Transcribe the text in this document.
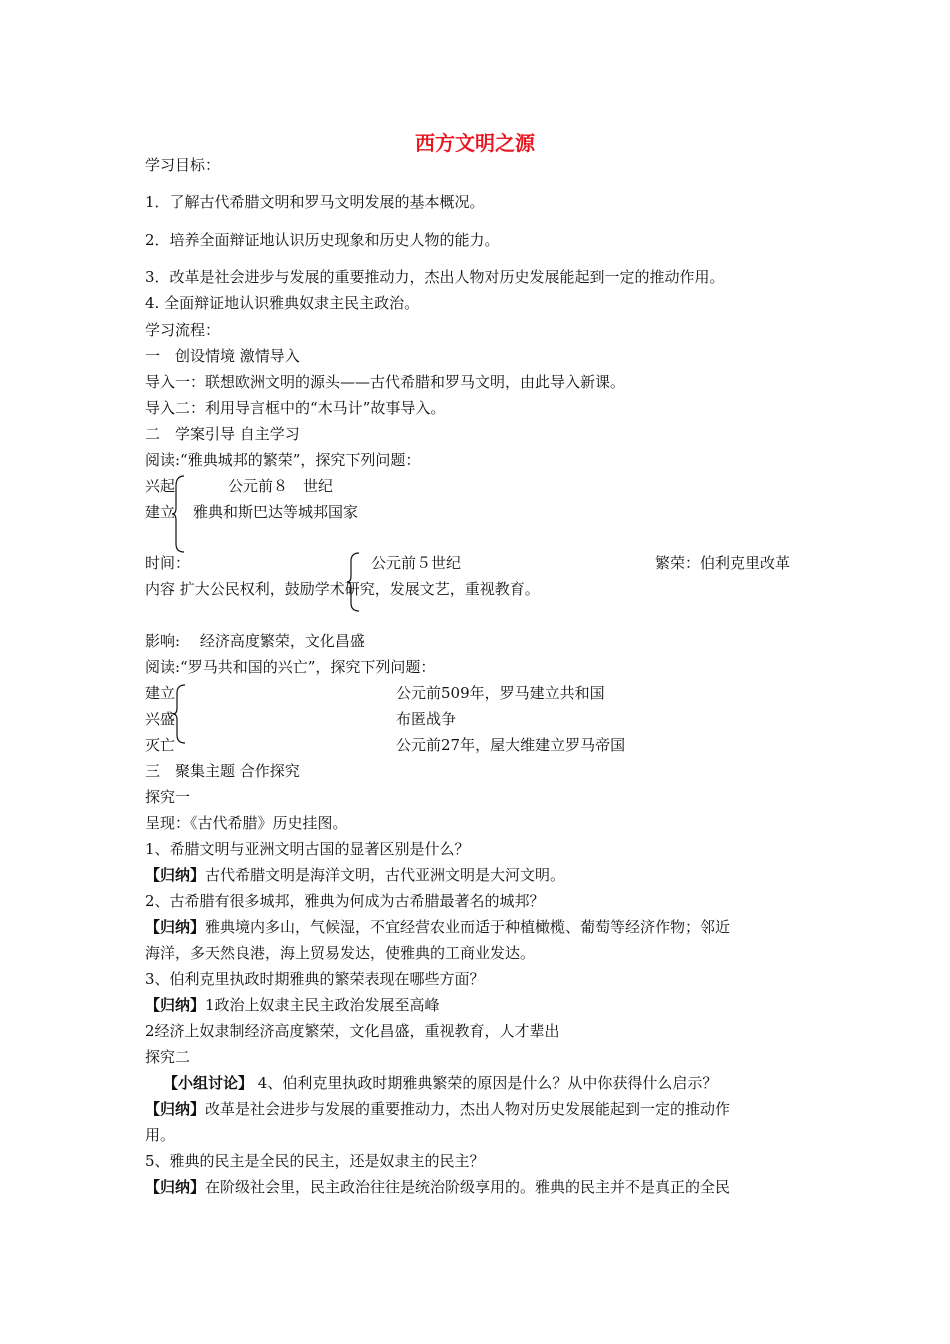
西方文明之源
学习目标：
1．了解古代希腊文明和罗马文明发展的基本概况。
2．培养全面辩证地认识历史现象和历史人物的能力。
3．改革是社会进步与发展的重要推动力，杰出人物对历史发展能起到一定的推动作用。
4. 全面辩证地认识雅典奴隶主民主政治。
学习流程：
一　创设情境 激情导入
导入一：联想欧洲文明的源头——古代希腊和罗马文明，由此导入新课。
导入二：利用导言框中的“木马计”故事导入。
二　学案引导 自主学习
阅读:“雅典城邦的繁荣”，探究下列问题：
兴起	公元前８　世纪
建立 雅典和斯巴达等城邦国家
时间：	公元前５世纪	繁荣：伯利克里改革
内容 扩大公民权利，鼓励学术研究，发展文艺，重视教育。
影响:　 经济高度繁荣，文化昌盛
阅读:“罗马共和国的兴亡”，探究下列问题：
建立	公元前509年，罗马建立共和国
兴盛	布匿战争
灭亡	公元前27年，屋大维建立罗马帝国
三　聚集主题 合作探究
探究一
呈现：《古代希腊》历史挂图。
1、希腊文明与亚洲文明古国的显著区别是什么？
【归纳】古代希腊文明是海洋文明，古代亚洲文明是大河文明。
2、古希腊有很多城邦，雅典为何成为古希腊最著名的城邦？
【归纳】雅典境内多山，气候湿，不宜经营农业而适于种植橄榄、葡萄等经济作物；邻近
海洋，多天然良港，海上贸易发达，使雅典的工商业发达。
3、伯利克里执政时期雅典的繁荣表现在哪些方面？
【归纳】1政治上奴隶主民主政治发展至高峰
2经济上奴隶制经济高度繁荣，文化昌盛，重视教育，人才辈出
探究二
【小组讨论】 4、伯利克里执政时期雅典繁荣的原因是什么？从中你获得什么启示？
【归纳】改革是社会进步与发展的重要推动力，杰出人物对历史发展能起到一定的推动作
用。
5、雅典的民主是全民的民主，还是奴隶主的民主？
【归纳】在阶级社会里，民主政治往往是统治阶级享用的。雅典的民主并不是真正的全民
